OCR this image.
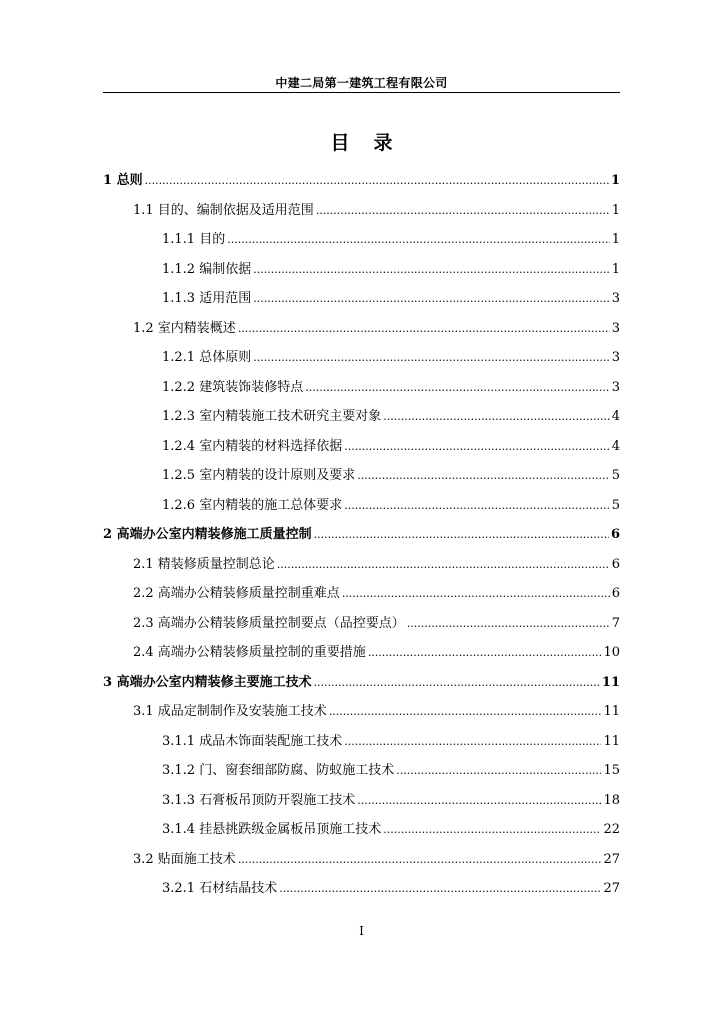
中建二局第一建筑工程有限公司
目 录
1 总则 .....	1
1.1 目的、编制依据及适用范围 .....	1
1.1.1 目的 .....	1
1.1.2 编制依据 .....	1
1.1.3 适用范围 .....	3
1.2 室内精装概述 .....	3
1.2.1 总体原则 .....	3
1.2.2 建筑装饰装修特点 .....	3
1.2.3 室内精装施工技术研究主要对象 .....	4
1.2.4 室内精装的材料选择依据 .....	4
1.2.5 室内精装的设计原则及要求 .....	5
1.2.6 室内精装的施工总体要求 .....	5
2 高端办公室内精装修施工质量控制 .....	6
2.1 精装修质量控制总论 .....	6
2.2 高端办公精装修质量控制重难点 .....	6
2.3 高端办公精装修质量控制要点（品控要点） .....	7
2.4 高端办公精装修质量控制的重要措施 .....	10
3 高端办公室内精装修主要施工技术 .....	11
3.1 成品定制制作及安装施工技术 .....	11
3.1.1 成品木饰面装配施工技术 .....	11
3.1.2 门、窗套细部防腐、防蚁施工技术 .....	15
3.1.3 石膏板吊顶防开裂施工技术 .....	18
3.1.4 挂悬挑跌级金属板吊顶施工技术 .....	22
3.2 贴面施工技术 .....	27
3.2.1 石材结晶技术 .....	27
I
